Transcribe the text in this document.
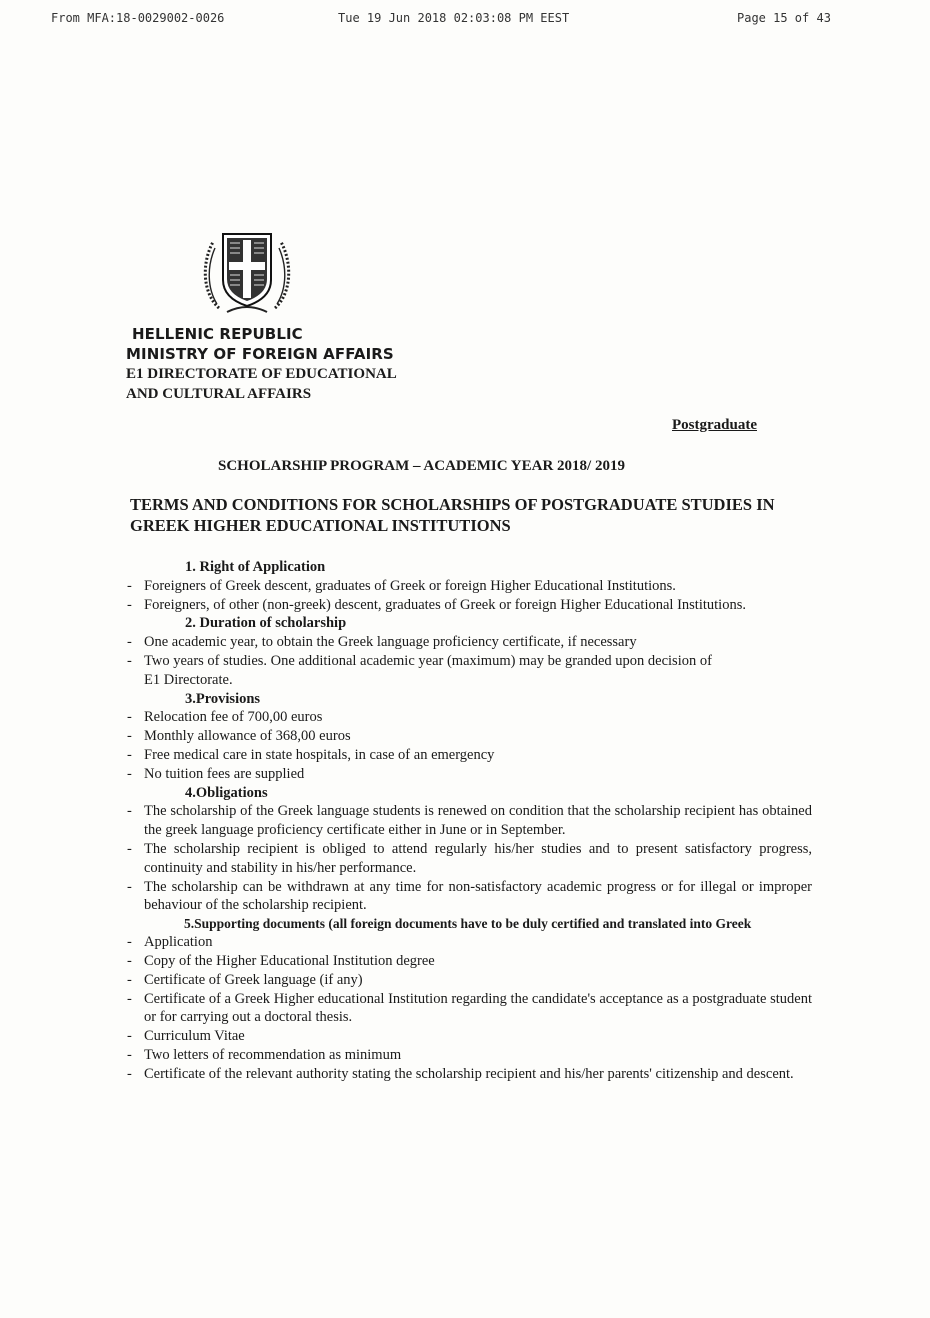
From MFA:18-0029002-0026	Tue 19 Jun 2018 02:03:08 PM EEST	Page 15 of 43
HELLENIC REPUBLIC
MINISTRY OF FOREIGN AFFAIRS
E1 DIRECTORATE OF EDUCATIONAL
AND CULTURAL AFFAIRS
Postgraduate
SCHOLARSHIP PROGRAM – ACADEMIC YEAR 2018/ 2019
TERMS AND CONDITIONS FOR SCHOLARSHIPS OF POSTGRADUATE STUDIES IN GREEK HIGHER EDUCATIONAL INSTITUTIONS
1. Right of Application
- Foreigners of Greek descent, graduates of Greek or foreign Higher Educational Institutions.
- Foreigners, of other (non-greek) descent, graduates of Greek or foreign Higher Educational Institutions.
2. Duration of scholarship
- One academic year, to obtain the Greek language proficiency certificate, if necessary
- Two years of studies. One additional academic year (maximum) may be granded upon decision of
E1 Directorate.
3.Provisions
- Relocation fee of 700,00 euros
- Monthly allowance of 368,00 euros
- Free medical care in state hospitals, in case of an emergency
- No tuition fees are supplied
4.Obligations
- The scholarship of the Greek language students is renewed on condition that the scholarship recipient has obtained the greek language proficiency certificate either in June or in September.
- The scholarship recipient is obliged to attend regularly his/her studies and to present satisfactory progress, continuity and stability in his/her performance.
- The scholarship can be withdrawn at any time for non-satisfactory academic progress or for illegal or improper behaviour of the scholarship recipient.
5.Supporting documents (all foreign documents have to be duly certified and translated into Greek
- Application
- Copy of the Higher Educational Institution degree
- Certificate of Greek language (if any)
- Certificate of a Greek Higher educational Institution regarding the candidate's acceptance as a postgraduate student or for carrying out a doctoral thesis.
- Curriculum Vitae
- Two letters of recommendation as minimum
- Certificate of the relevant authority stating the scholarship recipient and his/her parents' citizenship and descent.
